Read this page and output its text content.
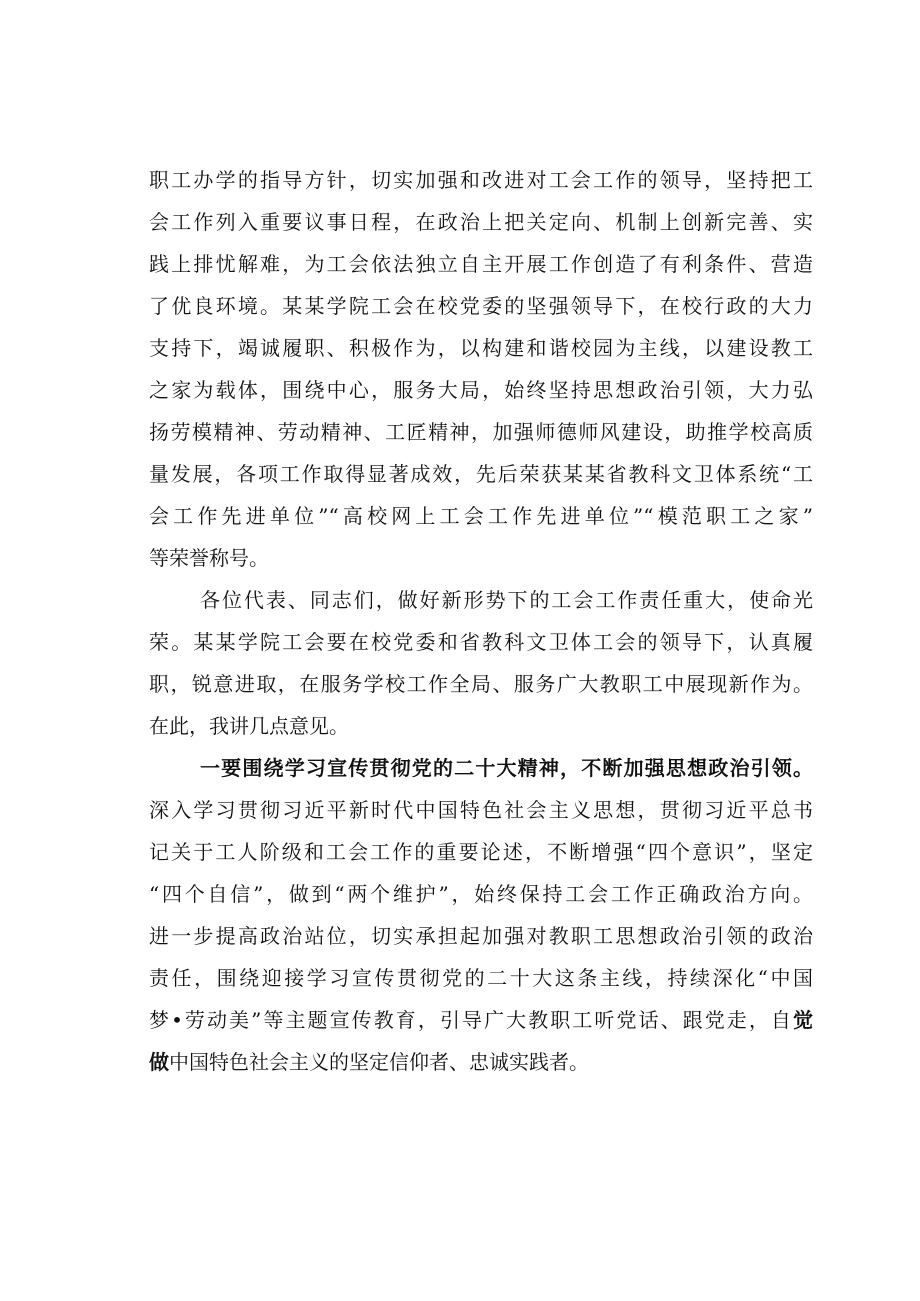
职工办学的指导方针，切实加强和改进对工会工作的领导，坚持把工
会工作列入重要议事日程，在政治上把关定向、机制上创新完善、实
践上排忧解难，为工会依法独立自主开展工作创造了有利条件、营造
了优良环境。某某学院工会在校党委的坚强领导下，在校行政的大力
支持下，竭诚履职、积极作为，以构建和谐校园为主线，以建设教工
之家为载体，围绕中心，服务大局，始终坚持思想政治引领，大力弘
扬劳模精神、劳动精神、工匠精神，加强师德师风建设，助推学校高质
量发展，各项工作取得显著成效，先后荣获某某省教科文卫体系统“工
会工作先进单位”“高校网上工会工作先进单位”“模范职工之家”
等荣誉称号。
各位代表、同志们，做好新形势下的工会工作责任重大，使命光
荣。某某学院工会要在校党委和省教科文卫体工会的领导下，认真履
职，锐意进取，在服务学校工作全局、服务广大教职工中展现新作为。
在此，我讲几点意见。
一要围绕学习宣传贯彻党的二十大精神，不断加强思想政治引领。
深入学习贯彻习近平新时代中国特色社会主义思想，贯彻习近平总书
记关于工人阶级和工会工作的重要论述，不断增强“四个意识”，坚定
“四个自信”，做到“两个维护”，始终保持工会工作正确政治方向。
进一步提高政治站位，切实承担起加强对教职工思想政治引领的政治
责任，围绕迎接学习宣传贯彻党的二十大这条主线，持续深化“中国
梦•劳动美”等主题宣传教育，引导广大教职工听党话、跟党走，自觉
做中国特色社会主义的坚定信仰者、忠诚实践者。
